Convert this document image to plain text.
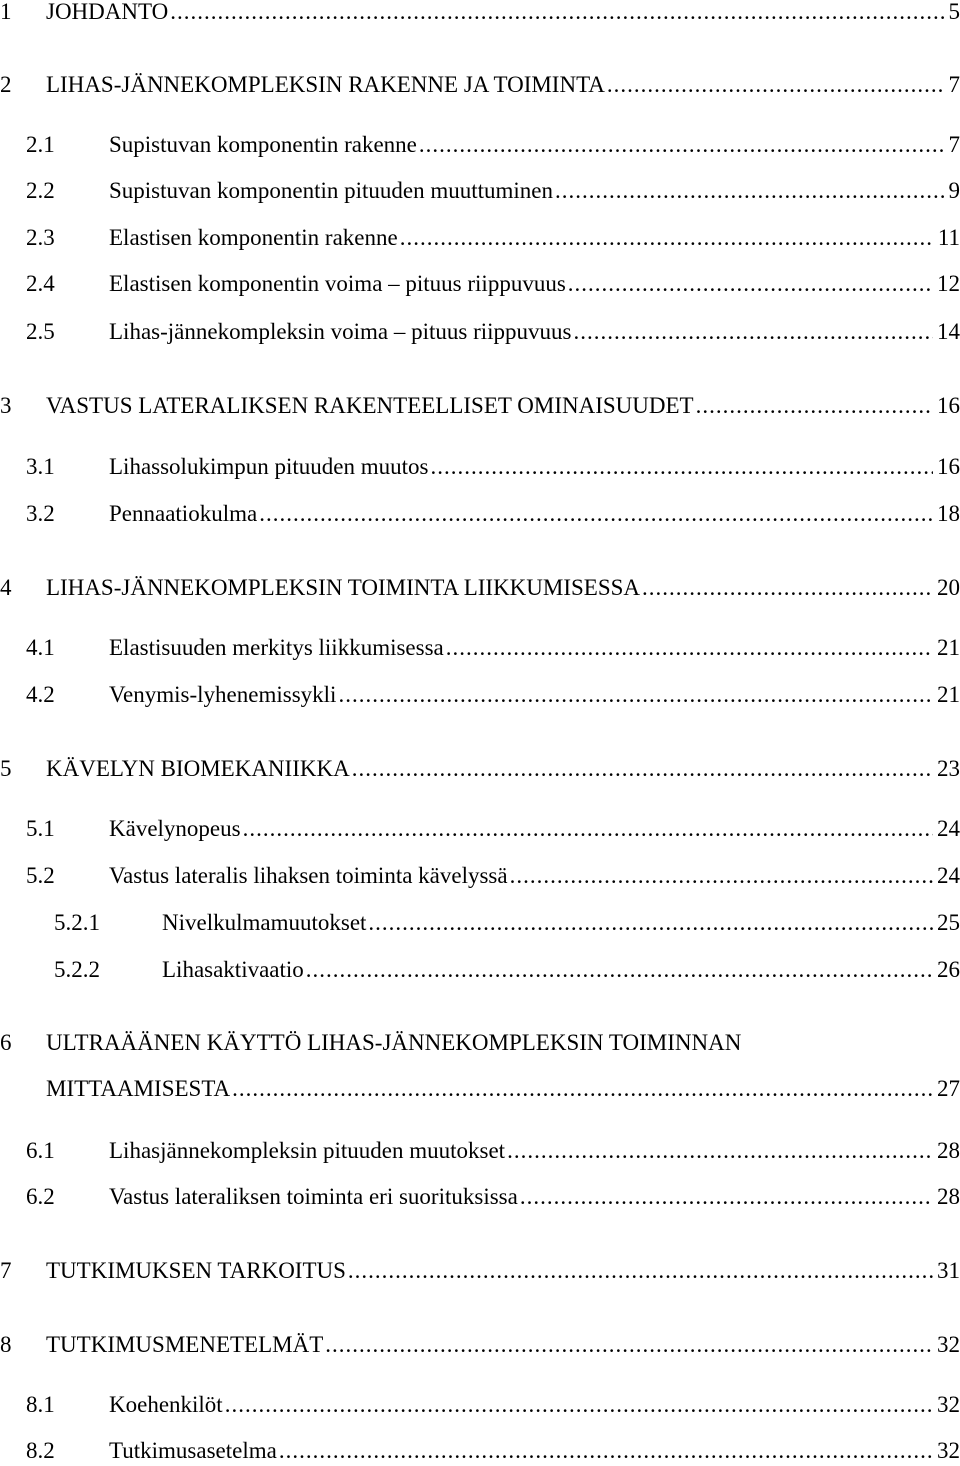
1 JOHDANTO .....	5
2 LIHAS-JÄNNEKOMPLEKSIN RAKENNE JA TOIMINTA .....	7
2.1 Supistuvan komponentin rakenne .....	7
2.2 Supistuvan komponentin pituuden muuttuminen .....	9
2.3 Elastisen komponentin rakenne .....	11
2.4 Elastisen komponentin voima – pituus riippuvuus .....	12
2.5 Lihas-jännekompleksin voima – pituus riippuvuus .....	14
3 VASTUS LATERALIKSEN RAKENTEELLISET OMINAISUUDET .....	16
3.1 Lihassolukimpun pituuden muutos .....	16
3.2 Pennaatiokulma .....	18
4 LIHAS-JÄNNEKOMPLEKSIN TOIMINTA LIIKKUMISESSA .....	20
4.1 Elastisuuden merkitys liikkumisessa .....	21
4.2 Venymis-lyhenemissykli .....	21
5 KÄVELYN BIOMEKANIIKKA .....	23
5.1 Kävelynopeus .....	24
5.2 Vastus lateralis lihaksen toiminta kävelyssä .....	24
5.2.1	Nivelkulmamuutokset .....	25
5.2.2	Lihasaktivaatio .....	26
6 ULTRAÄÄNEN KÄYTTÖ LIHAS-JÄNNEKOMPLEKSIN TOIMINNAN
MITTAAMISESTA .....	27
6.1 Lihasjännekompleksin pituuden muutokset .....	28
6.2 Vastus lateraliksen toiminta eri suorituksissa .....	28
7 TUTKIMUKSEN TARKOITUS .....	31
8 TUTKIMUSMENETELMÄT .....	32
8.1 Koehenkilöt .....	32
8.2 Tutkimusasetelma .....	32
